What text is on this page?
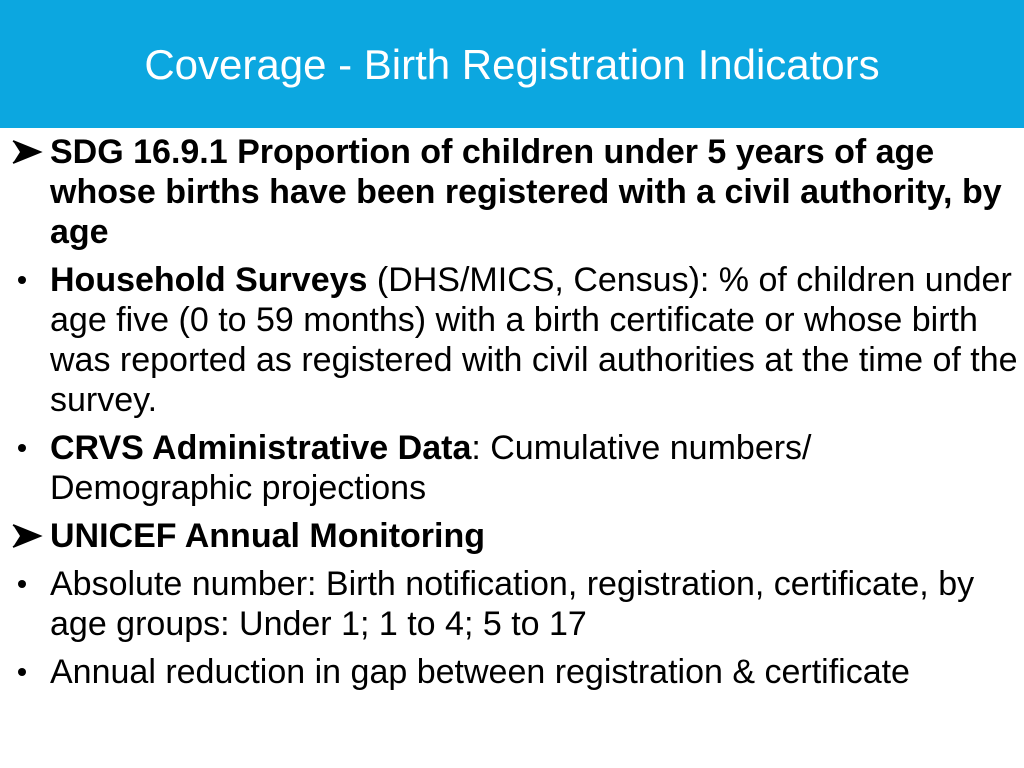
Coverage - Birth Registration Indicators
SDG 16.9.1 Proportion of children under 5 years of age whose births have been registered with a civil authority, by age
Household Surveys (DHS/MICS, Census): % of children under age five (0 to 59 months) with a birth certificate or whose birth was reported as registered with civil authorities at the time of the survey.
CRVS Administrative Data: Cumulative numbers/ Demographic projections
UNICEF Annual Monitoring
Absolute number: Birth notification, registration, certificate, by age groups: Under 1; 1 to 4; 5 to 17
Annual reduction in gap between registration & certificate
